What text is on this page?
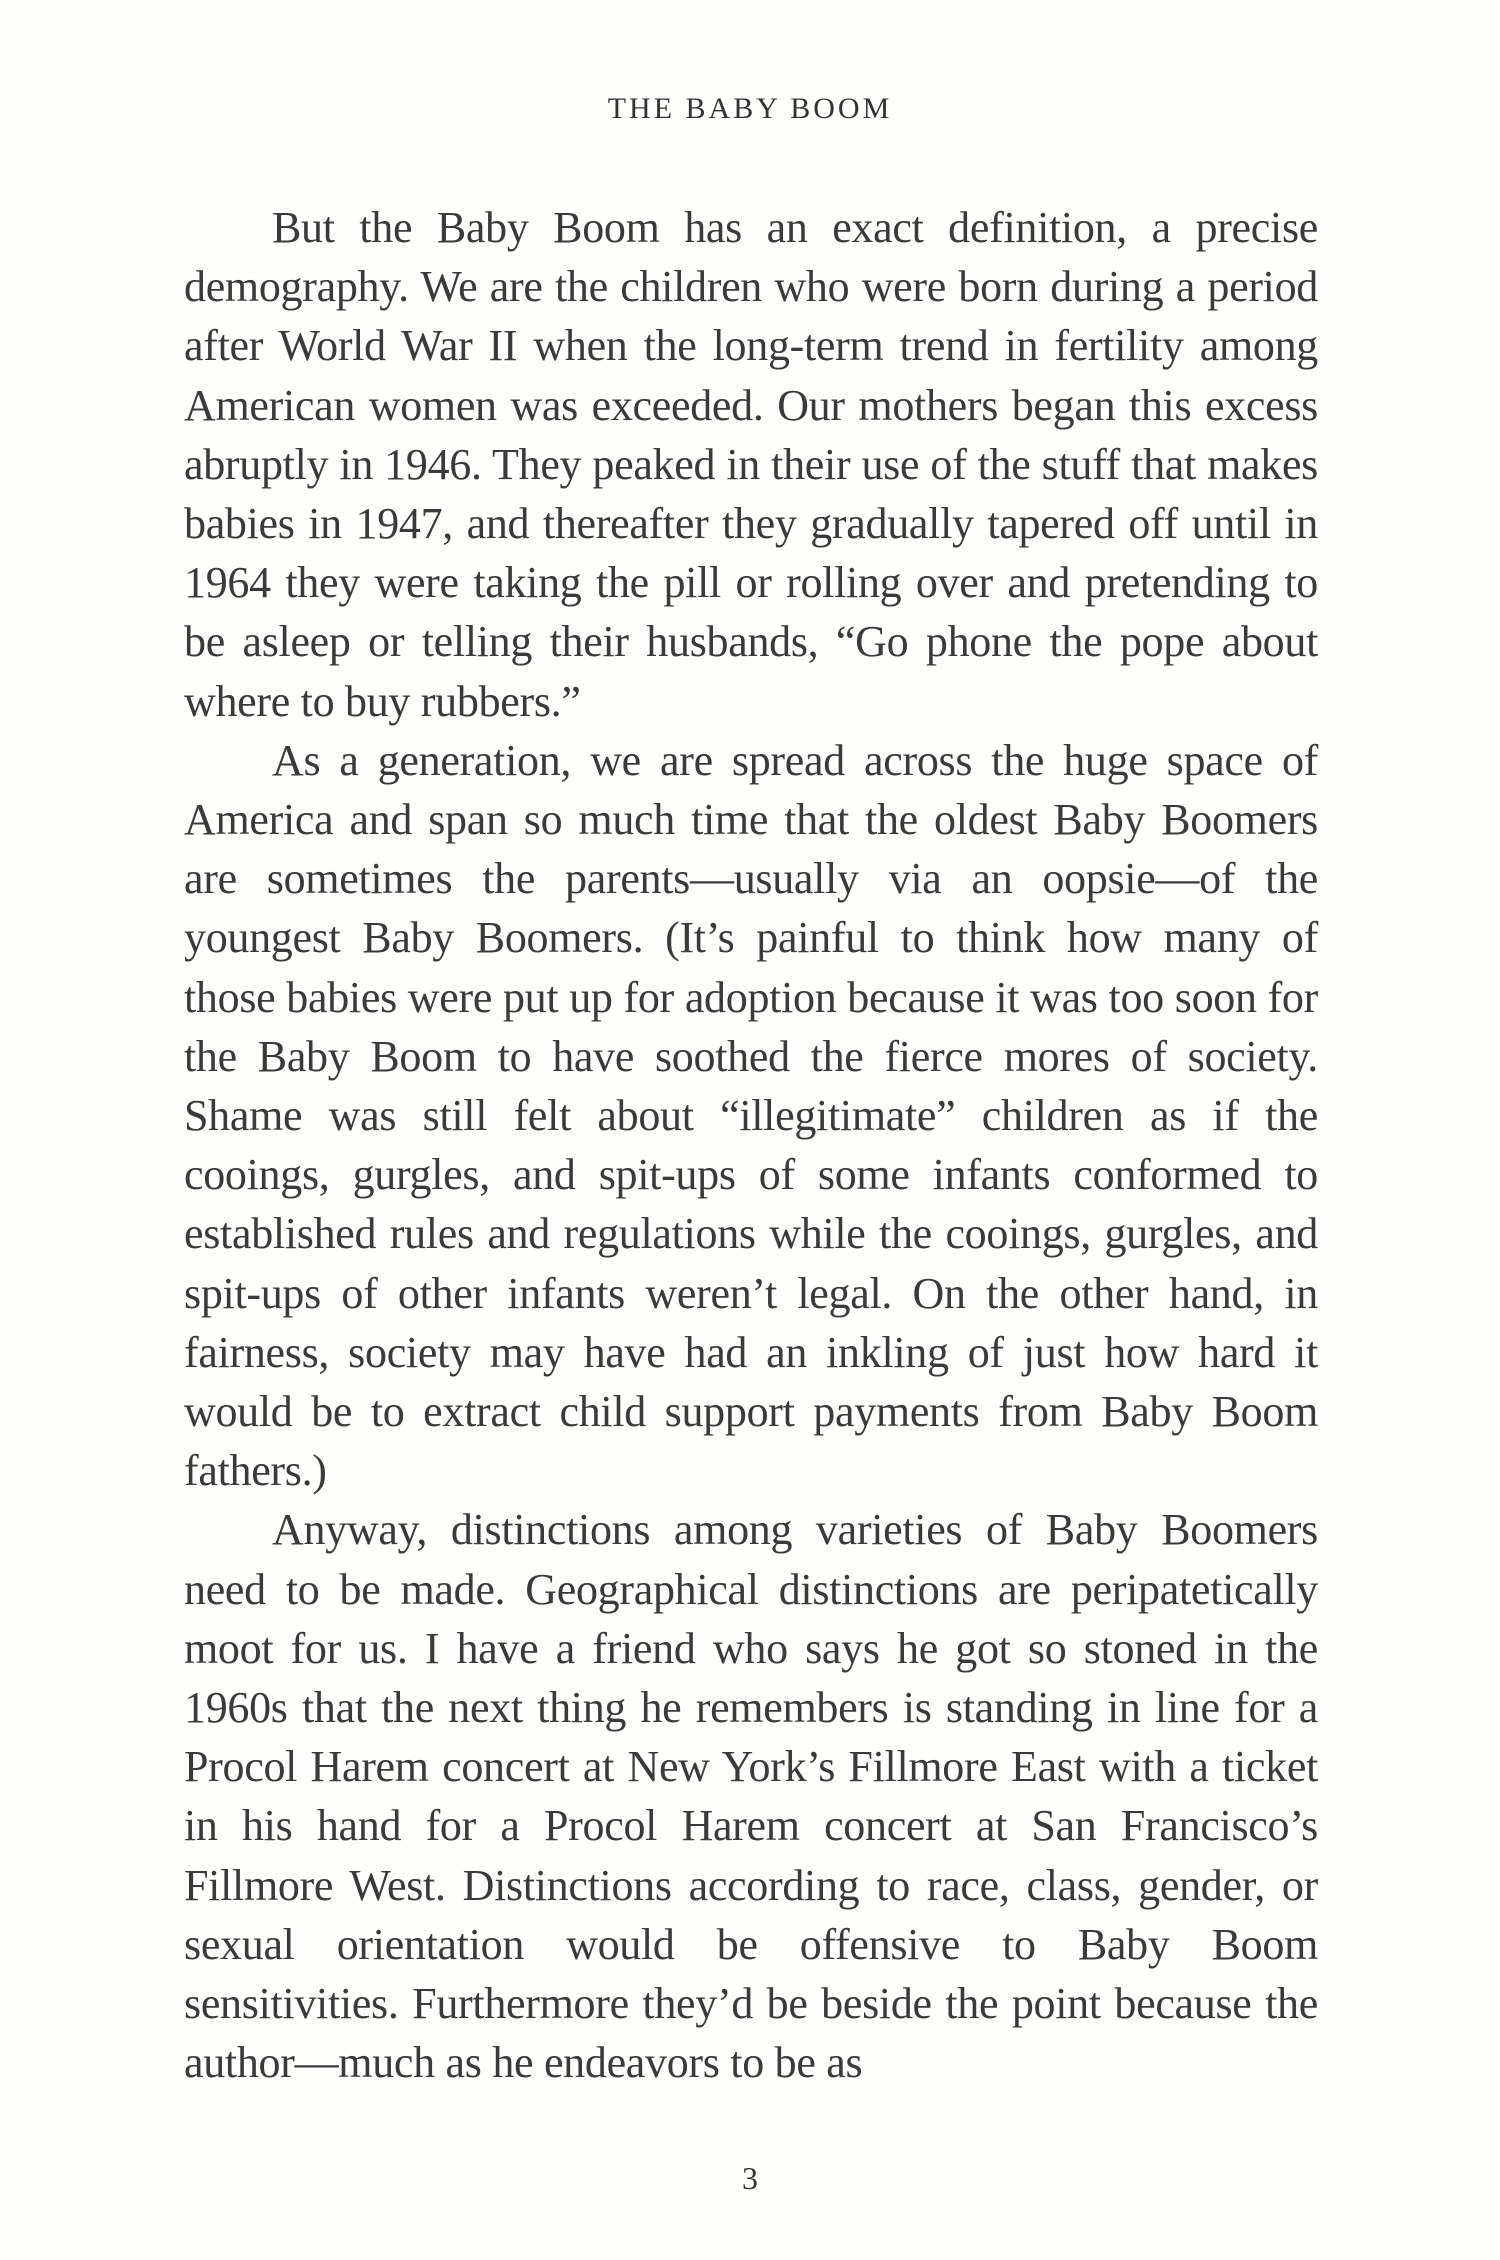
THE BABY BOOM

But the Baby Boom has an exact definition, a precise demography. We are the children who were born during a period after World War II when the long-term trend in fertility among American women was exceeded. Our mothers began this excess abruptly in 1946. They peaked in their use of the stuff that makes babies in 1947, and thereafter they gradually tapered off until in 1964 they were taking the pill or rolling over and pretending to be asleep or telling their husbands, “Go phone the pope about where to buy rubbers.”

As a generation, we are spread across the huge space of America and span so much time that the oldest Baby Boomers are sometimes the parents—usually via an oopsie—of the youngest Baby Boomers. (It’s painful to think how many of those babies were put up for adoption because it was too soon for the Baby Boom to have soothed the fierce mores of society. Shame was still felt about “illegitimate” children as if the cooings, gurgles, and spit-ups of some infants conformed to established rules and regulations while the cooings, gurgles, and spit-ups of other infants weren’t legal. On the other hand, in fairness, society may have had an inkling of just how hard it would be to extract child support payments from Baby Boom fathers.)

Anyway, distinctions among varieties of Baby Boomers need to be made. Geographical distinctions are peripatetically moot for us. I have a friend who says he got so stoned in the 1960s that the next thing he remembers is standing in line for a Procol Harem concert at New York’s Fillmore East with a ticket in his hand for a Procol Harem concert at San Francisco’s Fillmore West. Distinctions according to race, class, gender, or sexual orientation would be offensive to Baby Boom sensitivities. Furthermore they’d be beside the point because the author—much as he endeavors to be as

3
